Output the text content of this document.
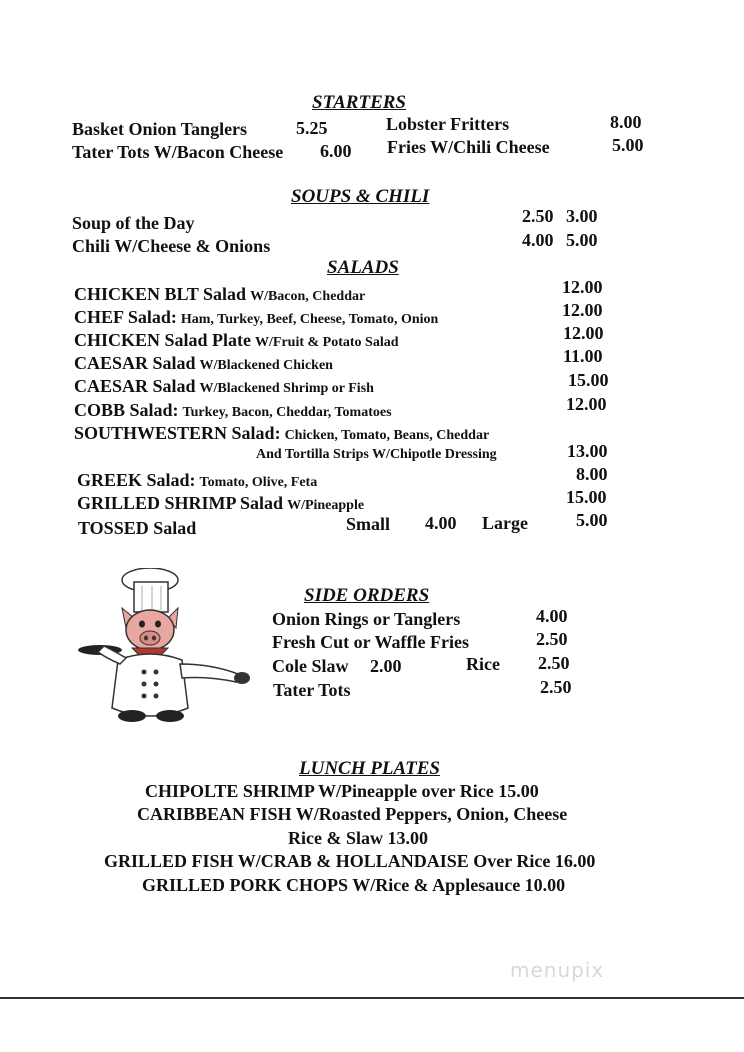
STARTERS
Basket Onion Tanglers	5.25	Lobster Fritters	8.00
Tater Tots W/Bacon Cheese 6.00 Fries W/Chili Cheese	5.00
SOUPS & CHILI
Soup of the Day	2.50 3.00
Chili W/Cheese & Onions	4.00 5.00
SALADS
CHICKEN BLT Salad W/Bacon, Cheddar	12.00
CHEF Salad: Ham, Turkey, Beef, Cheese, Tomato, Onion	12.00
CHICKEN Salad Plate W/Fruit & Potato Salad	12.00
CAESAR Salad W/Blackened Chicken	11.00
CAESAR Salad W/Blackened Shrimp or Fish	15.00
COBB Salad: Turkey, Bacon, Cheddar, Tomatoes	12.00
SOUTHWESTERN Salad: Chicken, Tomato, Beans, Cheddar
And Tortilla Strips W/Chipotle Dressing	13.00
GREEK Salad: Tomato, Olive, Feta	8.00
GRILLED SHRIMP Salad W/Pineapple	15.00
TOSSED Salad	Small 4.00 Large	5.00
SIDE ORDERS
Onion Rings or Tanglers	4.00
Fresh Cut or Waffle Fries	2.50
Cole Slaw 2.00	Rice 2.50
Tater Tots	2.50
LUNCH PLATES
CHIPOLTE SHRIMP W/Pineapple over Rice 15.00
CARIBBEAN FISH W/Roasted Peppers, Onion, Cheese
Rice & Slaw 13.00
GRILLED FISH W/CRAB & HOLLANDAISE Over Rice 16.00
GRILLED PORK CHOPS W/Rice & Applesauce 10.00
menupix
